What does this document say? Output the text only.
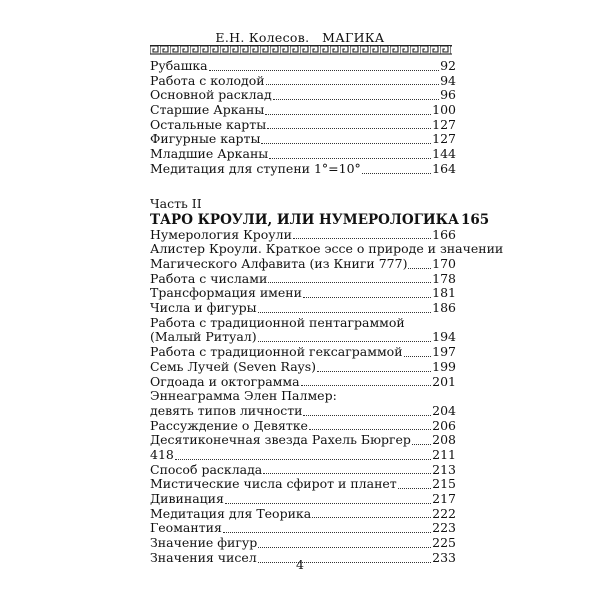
Е.Н. Колесов. МАГИКА
Рубашка	92
Работа с колодой	94
Основной расклад	96
Старшие Арканы	100
Остальные карты	127
Фигурные карты	127
Младшие Арканы	144
Медитация для ступени 1°=10°	164
Часть II
ТАРО КРОУЛИ, ИЛИ НУМЕРОЛОГИКА 165
Нумерология Кроули	166
Алистер Кроули. Краткое эссе о природе и значении
Магического Алфавита (из Книги 777) 170
Работа с числами	178
Трансформация имени	181
Числа и фигуры	186
Работа с традиционной пентаграммой
(Малый Ритуал)	194
Работа с традиционной гексаграммой 197
Семь Лучей (Seven Rays)	199
Огдоада и октограмма	201
Эннеаграмма Элен Палмер:
девять типов личности	204
Рассуждение о Девятке	206
Десятиконечная звезда Рахель Бюргер 208
418	211
Способ расклада	213
Мистические числа сфирот и планет	215
Дивинация	217
Медитация для Теорика	222
Геомантия	223
Значение фигур	225
Значения чисел	233
4
